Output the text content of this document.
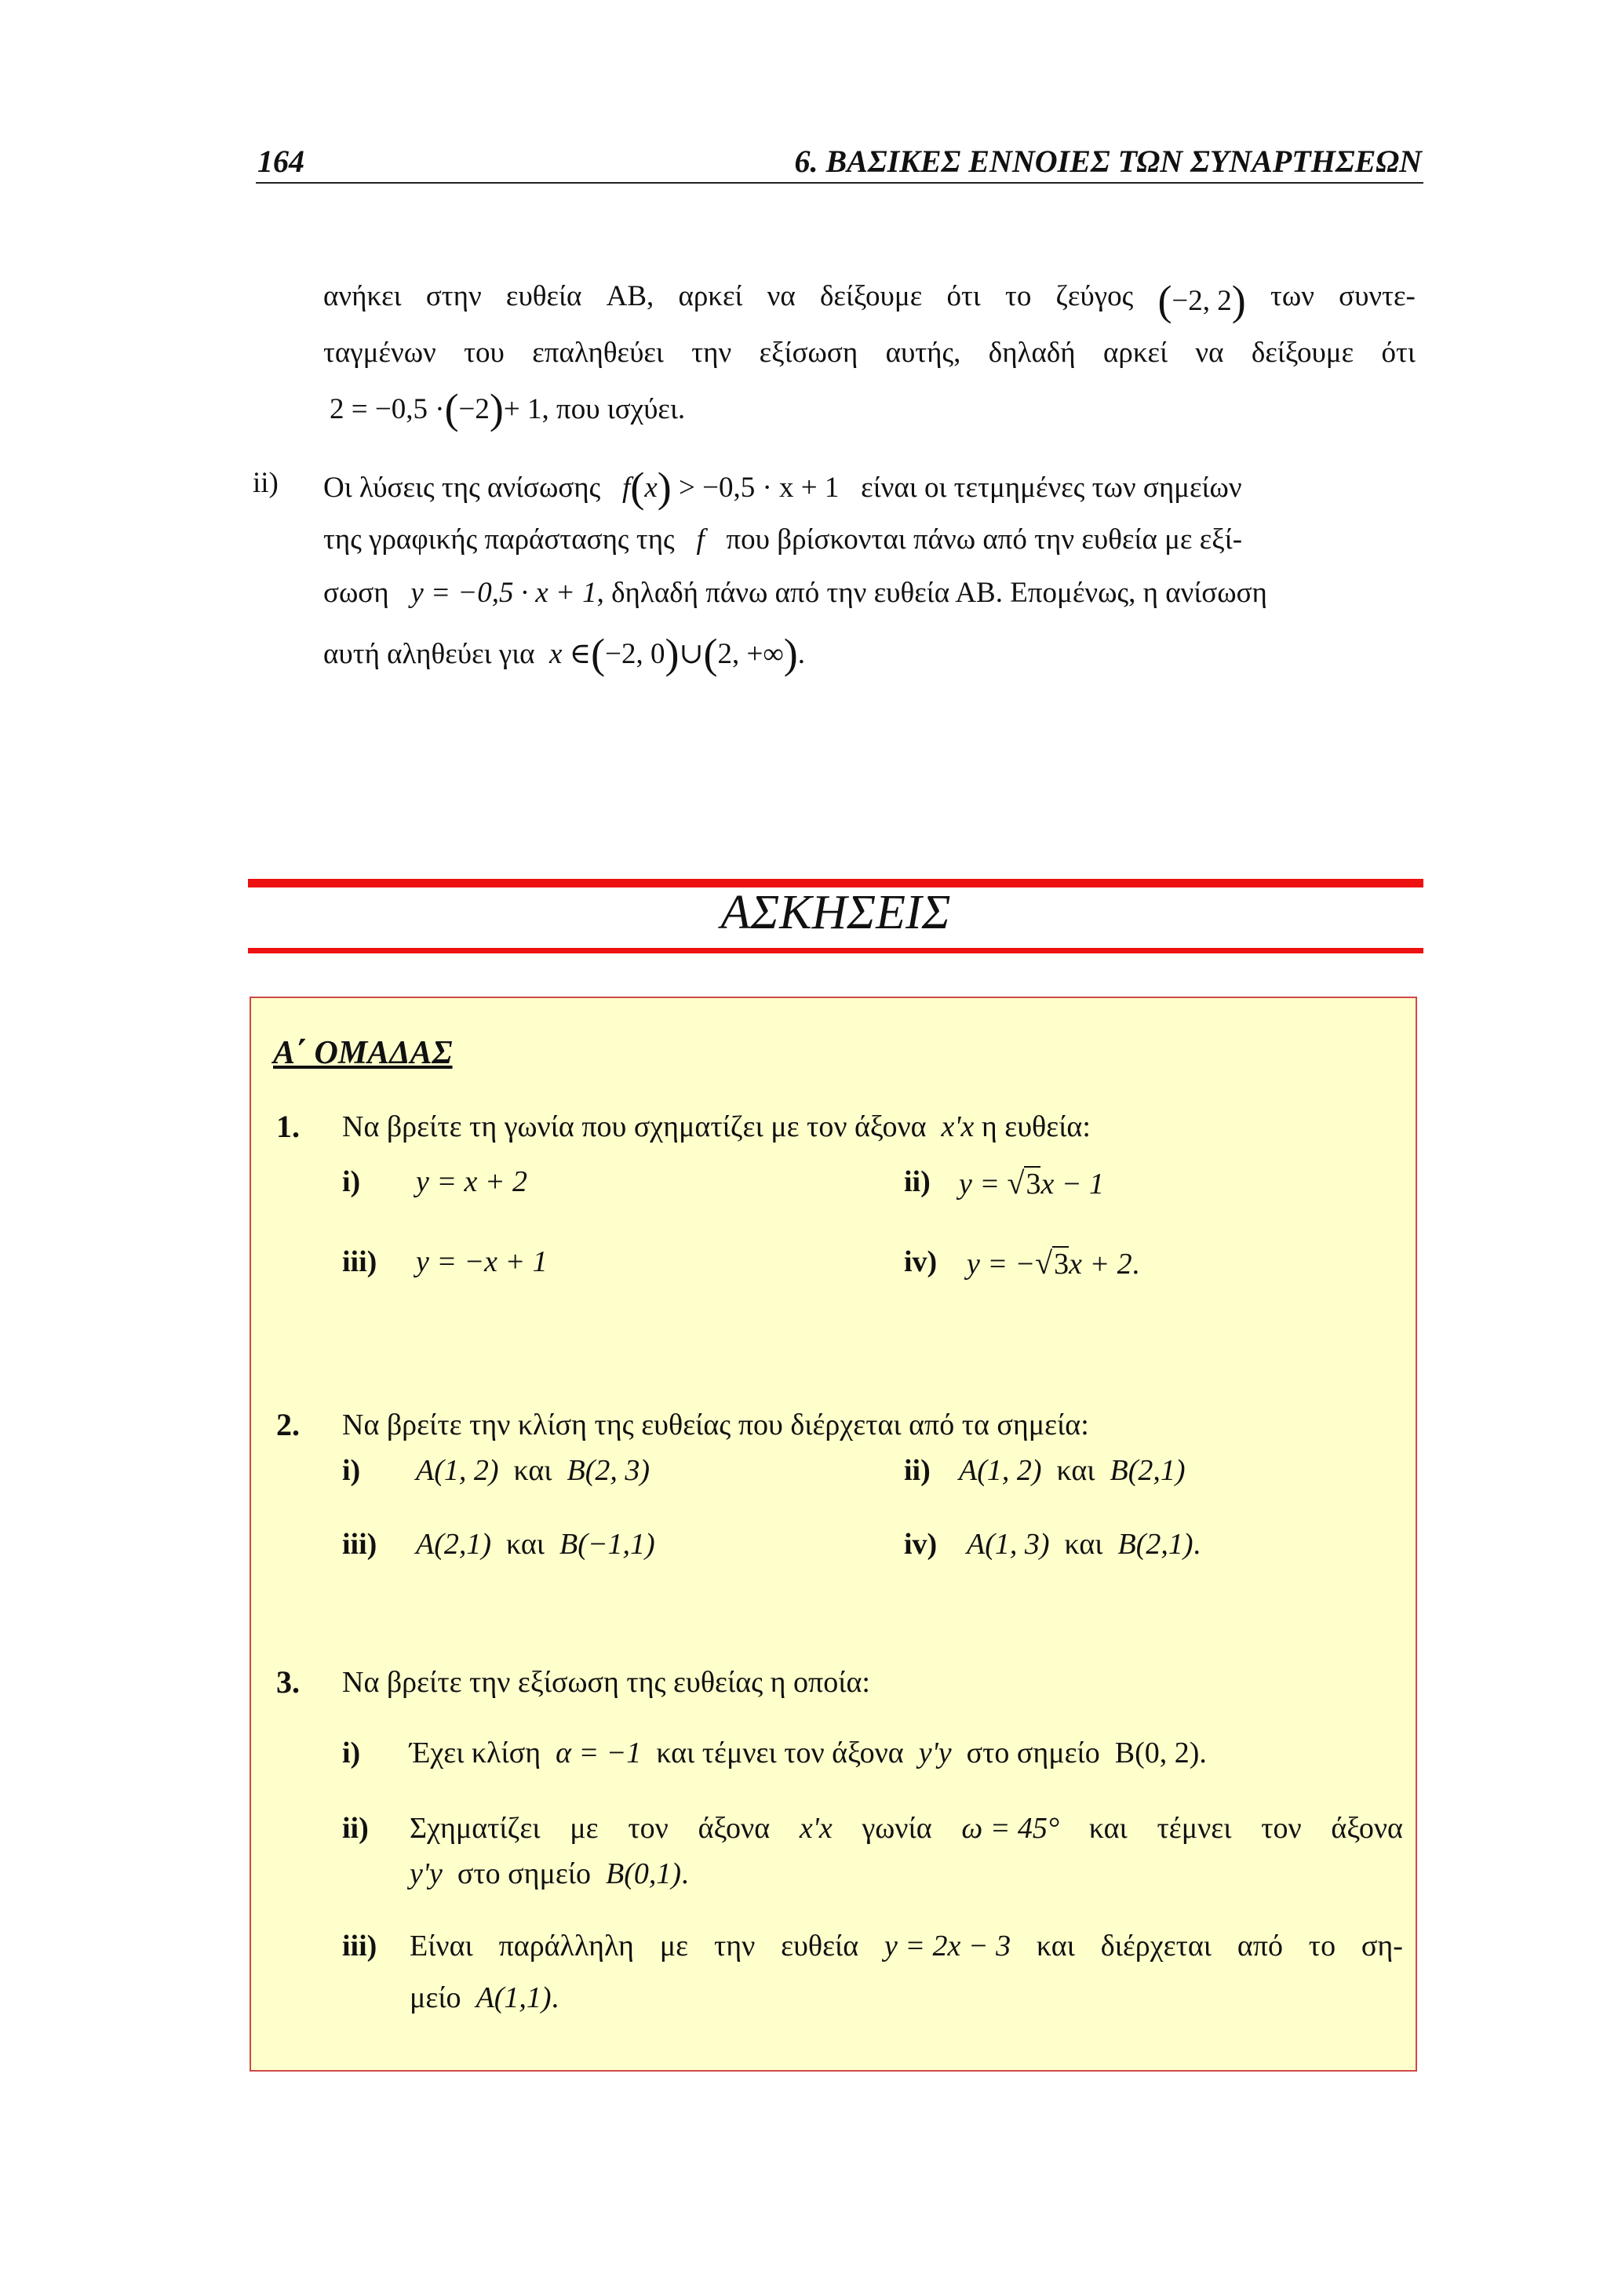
164	6. ΒΑΣΙΚΕΣ ΕΝΝΟΙΕΣ ΤΩΝ ΣΥΝΑΡΤΗΣΕΩΝ
ανήκει στην ευθεία ΑΒ, αρκεί να δείξουμε ότι το ζεύγος (−2, 2) των συντε-
ταγμένων του επαληθεύει την εξίσωση αυτής, δηλαδή αρκεί να δείξουμε ότι
2 = −0,5 ·(−2)+ 1, που ισχύει.
ii) Οι λύσεις της ανίσωσης f(x) > −0,5 · x + 1 είναι οι τετμημένες των σημείων
της γραφικής παράστασης της f που βρίσκονται πάνω από την ευθεία με εξί-
σωση y = −0,5 · x + 1, δηλαδή πάνω από την ευθεία ΑΒ. Επομένως, η ανίσωση
αυτή αληθεύει για x ∈(−2, 0)∪(2, +∞).
ΑΣΚΗΣΕΙΣ
Α΄ ΟΜΑΔΑΣ
1. Να βρείτε τη γωνία που σχηματίζει με τον άξονα x'x η ευθεία:
i) y = x + 2	ii) y = √3x − 1
iii) y = −x + 1	iv) y = −√3x + 2.
2. Να βρείτε την κλίση της ευθείας που διέρχεται από τα σημεία:
i) A(1, 2) και B(2, 3)	ii) A(1, 2) και B(2,1)
iii) A(2,1) και B(−1,1)	iv) A(1, 3) και B(2,1).
3. Να βρείτε την εξίσωση της ευθείας η οποία:
i) Έχει κλίση α = −1 και τέμνει τον άξονα y'y στο σημείο Β(0, 2).
ii) Σχηματίζει με τον άξονα x'x γωνία ω = 45° και τέμνει τον άξονα
y'y στο σημείο B(0,1).
iii) Είναι παράλληλη με την ευθεία y = 2x − 3 και διέρχεται από το ση-
μείο A(1,1).
